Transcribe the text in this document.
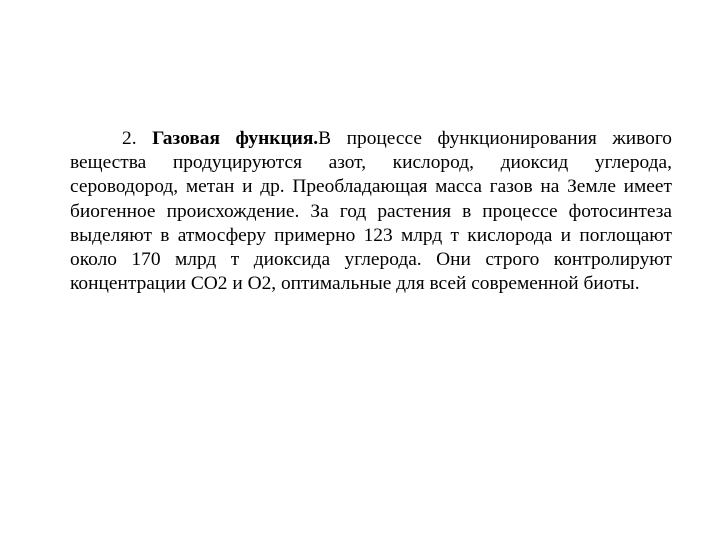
2. Газовая функция.В процессе функционирования живого вещества продуцируются азот, кислород, диоксид углерода, сероводород, метан и др. Преобладающая масса газов на Земле имеет биогенное происхождение. За год растения в процессе фотосинтеза выделяют в атмосферу примерно 123 млрд т кислорода и поглощают около 170 млрд т диоксида углерода. Они строго контролируют концентрации СО2 и О2, оптимальные для всей современной биоты.
